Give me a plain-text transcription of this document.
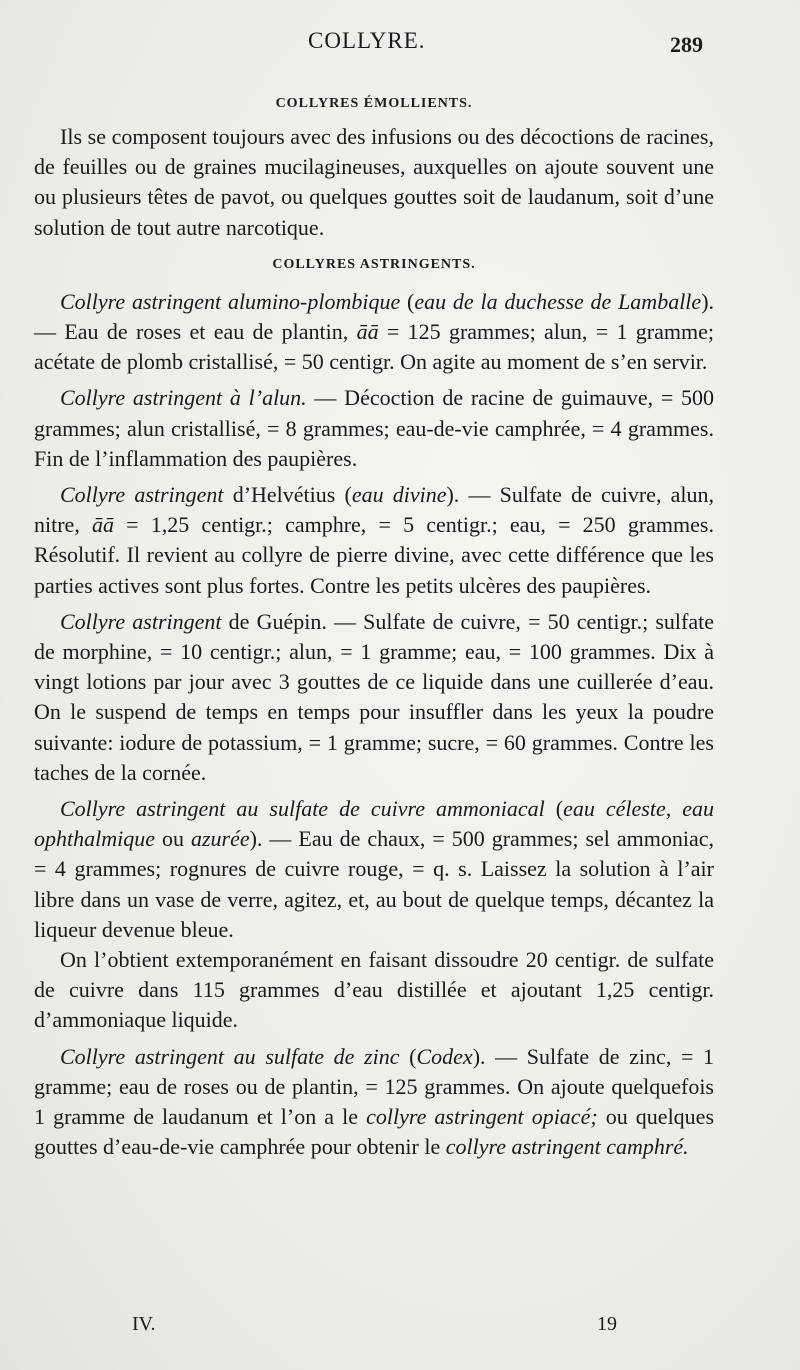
COLLYRE.	289
COLLYRES ÉMOLLIENTS.

Ils se composent toujours avec des infusions ou des décoctions de racines, de feuilles ou de graines mucilagineuses, auxquelles on ajoute souvent une ou plusieurs têtes de pavot, ou quelques gouttes soit de laudanum, soit d’une solution de tout autre narcotique.

COLLYRES ASTRINGENTS.

Collyre astringent alumino-plombique (eau de la duchesse de Lamballe). — Eau de roses et eau de plantin, āā = 125 grammes; alun, = 1 gramme; acétate de plomb cristallisé, = 50 centigr. On agite au moment de s’en servir.

Collyre astringent à l’alun. — Décoction de racine de guimauve, = 500 grammes; alun cristallisé, = 8 grammes; eau-de-vie camphrée, = 4 grammes. Fin de l’inflammation des paupières.

Collyre astringent d’Helvétius (eau divine). — Sulfate de cuivre, alun, nitre, āā = 1,25 centigr.; camphre, = 5 centigr.; eau, = 250 grammes. Résolutif. Il revient au collyre de pierre divine, avec cette différence que les parties actives sont plus fortes. Contre les petits ulcères des paupières.

Collyre astringent de Guépin. — Sulfate de cuivre, = 50 centigr.; sulfate de morphine, = 10 centigr.; alun, = 1 gramme; eau, = 100 grammes. Dix à vingt lotions par jour avec 3 gouttes de ce liquide dans une cuillerée d’eau. On le suspend de temps en temps pour insuffler dans les yeux la poudre suivante: iodure de potassium, = 1 gramme; sucre, = 60 grammes. Contre les taches de la cornée.

Collyre astringent au sulfate de cuivre ammoniacal (eau céleste, eau ophthalmique ou azurée). — Eau de chaux, = 500 grammes; sel ammoniac, = 4 grammes; rognures de cuivre rouge, = q. s. Laissez la solution à l’air libre dans un vase de verre, agitez, et, au bout de quelque temps, décantez la liqueur devenue bleue.

On l’obtient extemporanément en faisant dissoudre 20 centigr. de sulfate de cuivre dans 115 grammes d’eau distillée et ajoutant 1,25 centigr. d’ammoniaque liquide.

Collyre astringent au sulfate de zinc (Codex). — Sulfate de zinc, = 1 gramme; eau de roses ou de plantin, = 125 grammes. On ajoute quelquefois 1 gramme de laudanum et l’on a le collyre astringent opiacé; ou quelques gouttes d’eau-de-vie camphrée pour obtenir le collyre astringent camphré.

IV.	19
